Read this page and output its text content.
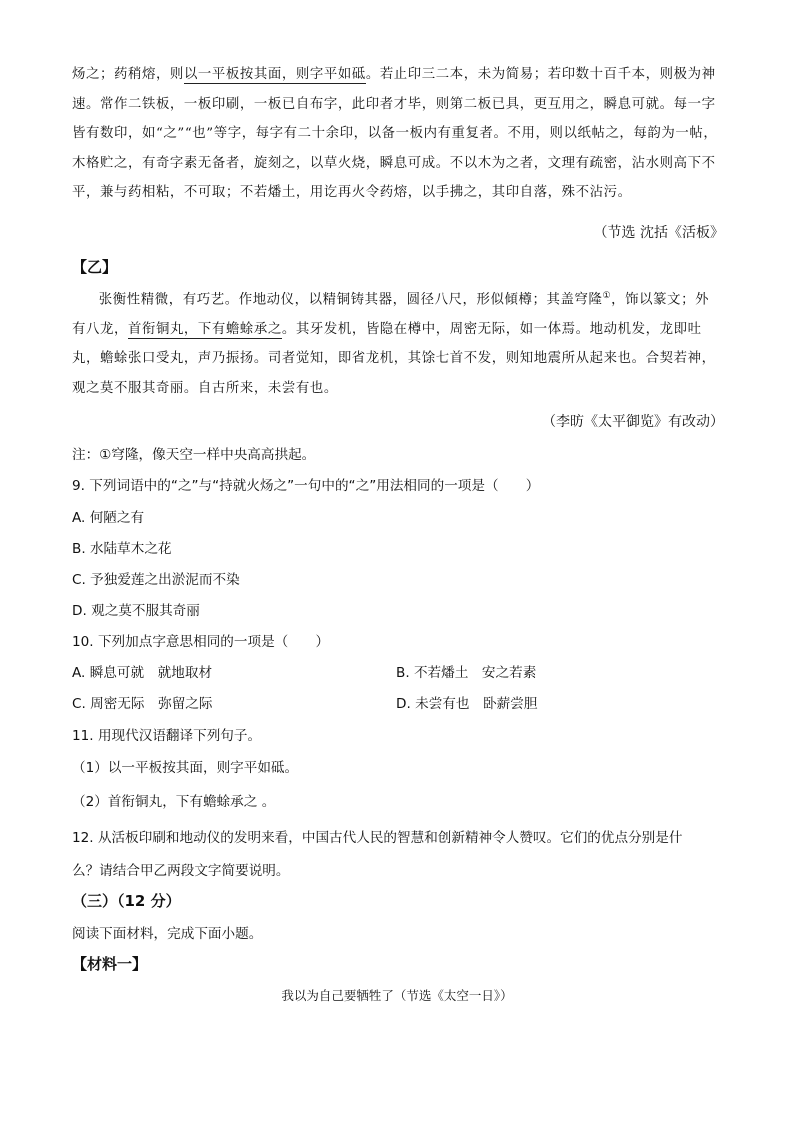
炀之；药稍熔，则以一平板按其面，则字平如砥。若止印三二本，未为简易；若印数十百千本，则极为神速。常作二铁板，一板印刷，一板已自布字，此印者才毕，则第二板已具，更互用之，瞬息可就。每一字皆有数印，如“之”“也”等字，每字有二十余印，以备一板内有重复者。不用，则以纸帖之，每韵为一帖，木格贮之，有奇字素无备者，旋刻之，以草火烧，瞬息可成。不以木为之者，文理有疏密，沾水则高下不平，兼与药相粘，不可取；不若燔土，用讫再火令药熔，以手拂之，其印自落，殊不沾污。
（节选 沈括《活板》
【乙】
张衡性精微，有巧艺。作地动仪，以精铜铸其器，圆径八尺，形似傾樽；其盖穹隆①，饰以篆文；外有八龙，首衔铜丸，下有蟾蜍承之。其牙发机，皆隐在樽中，周密无际，如一体焉。地动机发，龙即吐丸，蟾蜍张口受丸，声乃振扬。司者觉知，即省龙机，其馀七首不发，则知地震所从起来也。合契若神，观之莫不服其奇丽。自古所来，未尝有也。
（李昉《太平御览》有改动）
注：①穹隆，像天空一样中央高高拱起。
9. 下列词语中的“之”与“持就火炀之”一句中的“之”用法相同的一项是（　　）
A. 何陋之有
B. 水陆草木之花
C. 予独爱莲之出淤泥而不染
D. 观之莫不服其奇丽
10. 下列加点字意思相同的一项是（　　）
A. 瞬息可就　就地取材	B. 不若燔土　安之若素
C. 周密无际　弥留之际	D. 未尝有也　卧薪尝胆
11. 用现代汉语翻译下列句子。
（1）以一平板按其面，则字平如砥。
（2）首衔铜丸，下有蟾蜍承之 。
12. 从活板印刷和地动仪的发明来看，中国古代人民的智慧和创新精神令人赞叹。它们的优点分别是什
么？请结合甲乙两段文字简要说明。
（三）（12 分）
阅读下面材料，完成下面小题。
【材料一】
我以为自己要牺牲了（节选《太空一日》）
